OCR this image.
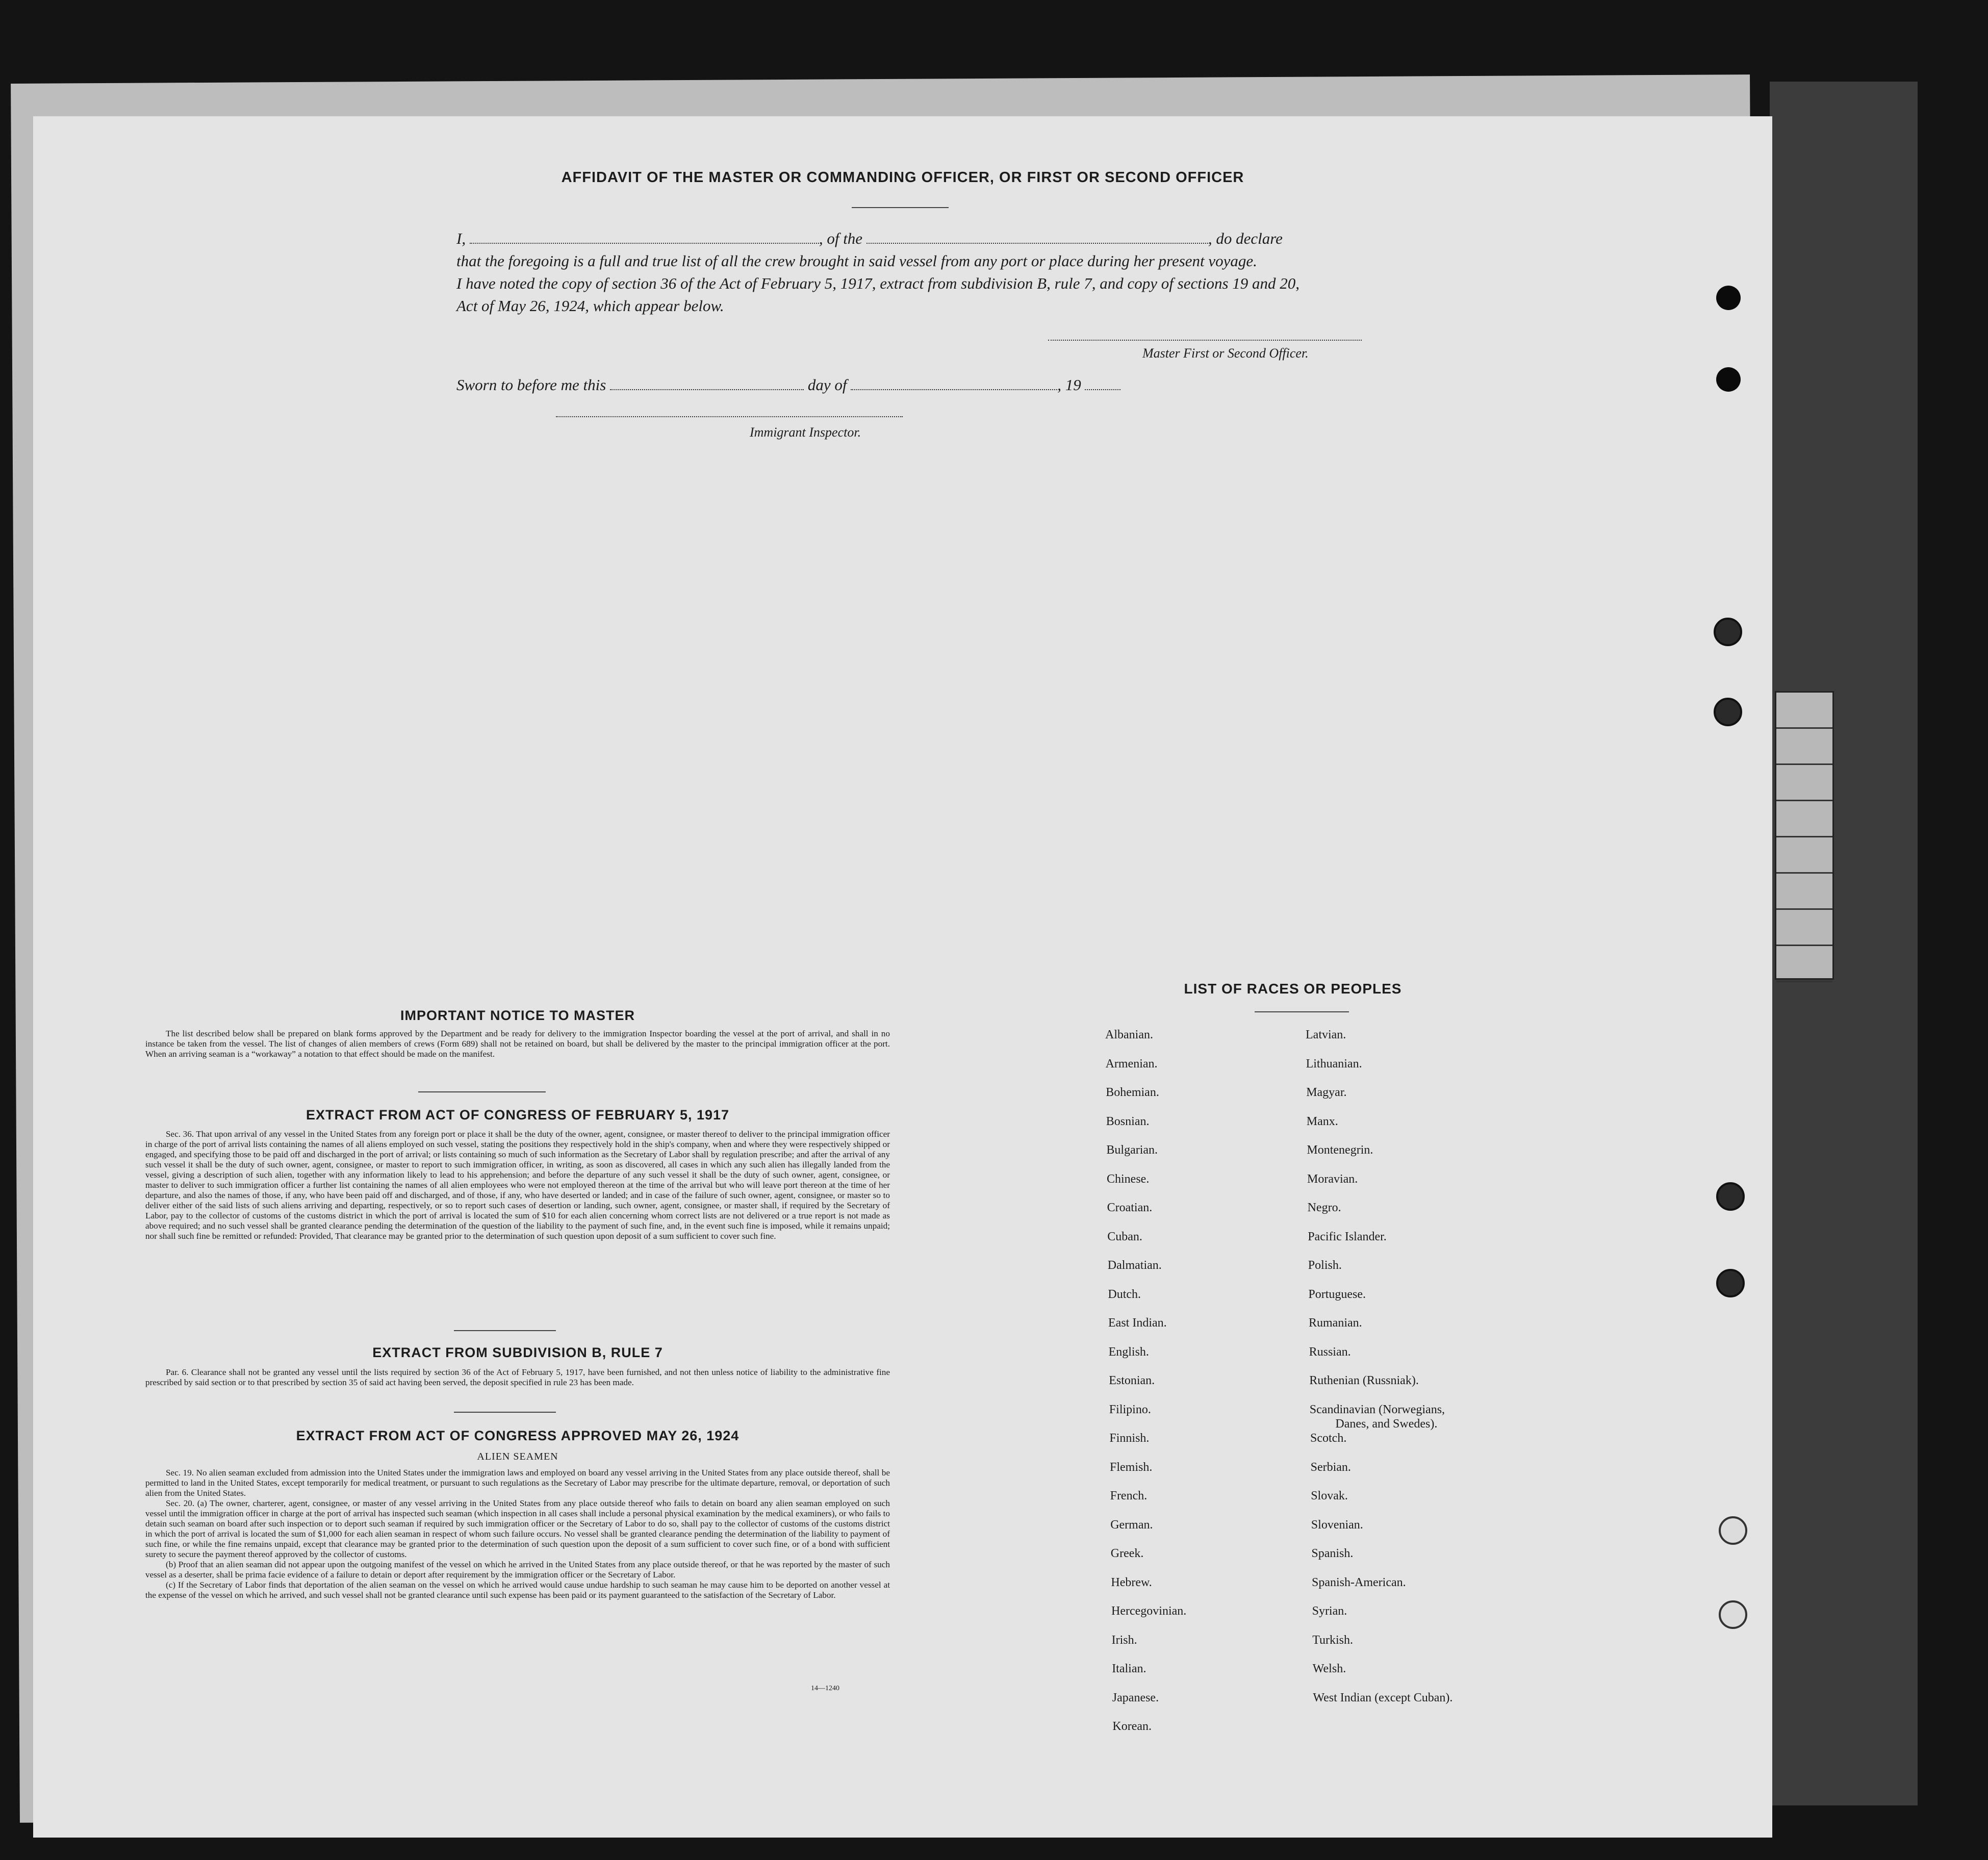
AFFIDAVIT OF THE MASTER OR COMMANDING OFFICER, OR FIRST OR SECOND OFFICER
I,	, of the	, do declare
that the foregoing is a full and true list of all the crew brought in said vessel from any port or place during her present voyage.
I have noted the copy of section 36 of the Act of February 5, 1917, extract from subdivision B, rule 7, and copy of sections 19 and 20,
Act of May 26, 1924, which appear below.
Master First or Second Officer.
Sworn to before me this	day of	, 19
Immigrant Inspector.
IMPORTANT NOTICE TO MASTER

The list described below shall be prepared on blank forms approved by the Department and be ready for delivery to the immigration Inspector boarding the vessel at the port of arrival, and shall in no instance be taken from the vessel. The list of changes of alien members of crews (Form 689) shall not be retained on board, but shall be delivered by the master to the principal immigration officer at the port. When an arriving seaman is a “workaway” a notation to that effect should be made on the manifest.

EXTRACT FROM ACT OF CONGRESS OF FEBRUARY 5, 1917

Sec. 36. That upon arrival of any vessel in the United States from any foreign port or place it shall be the duty of the owner, agent, consignee, or master thereof to deliver to the principal immigration officer in charge of the port of arrival lists containing the names of all aliens employed on such vessel, stating the positions they respectively hold in the ship's company, when and where they were respectively shipped or engaged, and specifying those to be paid off and discharged in the port of arrival; or lists containing so much of such information as the Secretary of Labor shall by regulation prescribe; and after the arrival of any such vessel it shall be the duty of such owner, agent, consignee, or master to report to such immigration officer, in writing, as soon as discovered, all cases in which any such alien has illegally landed from the vessel, giving a description of such alien, together with any information likely to lead to his apprehension; and before the departure of any such vessel it shall be the duty of such owner, agent, consignee, or master to deliver to such immigration officer a further list containing the names of all alien employees who were not employed thereon at the time of the arrival but who will leave port thereon at the time of her departure, and also the names of those, if any, who have been paid off and discharged, and of those, if any, who have deserted or landed; and in case of the failure of such owner, agent, consignee, or master so to deliver either of the said lists of such aliens arriving and departing, respectively, or so to report such cases of desertion or landing, such owner, agent, consignee, or master shall, if required by the Secretary of Labor, pay to the collector of customs of the customs district in which the port of arrival is located the sum of $10 for each alien concerning whom correct lists are not delivered or a true report is not made as above required; and no such vessel shall be granted clearance pending the determination of the question of the liability to the payment of such fine, and, in the event such fine is imposed, while it remains unpaid; nor shall such fine be remitted or refunded: Provided, That clearance may be granted prior to the determination of such question upon deposit of a sum sufficient to cover such fine.

EXTRACT FROM SUBDIVISION B, RULE 7

Par. 6. Clearance shall not be granted any vessel until the lists required by section 36 of the Act of February 5, 1917, have been furnished, and not then unless notice of liability to the administrative fine prescribed by said section or to that prescribed by section 35 of said act having been served, the deposit specified in rule 23 has been made.

EXTRACT FROM ACT OF CONGRESS APPROVED MAY 26, 1924
ALIEN SEAMEN

Sec. 19. No alien seaman excluded from admission into the United States under the immigration laws and employed on board any vessel arriving in the United States from any place outside thereof, shall be permitted to land in the United States, except temporarily for medical treatment, or pursuant to such regulations as the Secretary of Labor may prescribe for the ultimate departure, removal, or deportation of such alien from the United States.

Sec. 20. (a) The owner, charterer, agent, consignee, or master of any vessel arriving in the United States from any place outside thereof who fails to detain on board any alien seaman employed on such vessel until the immigration officer in charge at the port of arrival has inspected such seaman (which inspection in all cases shall include a personal physical examination by the medical examiners), or who fails to detain such seaman on board after such inspection or to deport such seaman if required by such immigration officer or the Secretary of Labor to do so, shall pay to the collector of customs of the customs district in which the port of arrival is located the sum of $1,000 for each alien seaman in respect of whom such failure occurs. No vessel shall be granted clearance pending the determination of the liability to payment of such fine, or while the fine remains unpaid, except that clearance may be granted prior to the determination of such question upon the deposit of a sum sufficient to cover such fine, or of a bond with sufficient surety to secure the payment thereof approved by the collector of customs.

(b) Proof that an alien seaman did not appear upon the outgoing manifest of the vessel on which he arrived in the United States from any place outside thereof, or that he was reported by the master of such vessel as a deserter, shall be prima facie evidence of a failure to detain or deport after requirement by the immigration officer or the Secretary of Labor.

(c) If the Secretary of Labor finds that deportation of the alien seaman on the vessel on which he arrived would cause undue hardship to such seaman he may cause him to be deported on another vessel at the expense of the vessel on which he arrived, and such vessel shall not be granted clearance until such expense has been paid or its payment guaranteed to the satisfaction of the Secretary of Labor.

14—1240
LIST OF RACES OR PEOPLES
Albanian.
Armenian.
Bohemian.
Bosnian.
Bulgarian.
Chinese.
Croatian.
Cuban.
Dalmatian.
Dutch.
East Indian.
English.
Estonian.
Filipino.
Finnish.
Flemish.
French.
German.
Greek.
Hebrew.
Hercegovinian.
Irish.
Italian.
Japanese.
Korean.
Latvian.
Lithuanian.
Magyar.
Manx.
Montenegrin.
Moravian.
Negro.
Pacific Islander.
Polish.
Portuguese.
Rumanian.
Russian.
Ruthenian (Russniak).
Scandinavian (Norwegians,
Danes, and Swedes).
Scotch.
Serbian.
Slovak.
Slovenian.
Spanish.
Spanish-American.
Syrian.
Turkish.
Welsh.
West Indian (except Cuban).
